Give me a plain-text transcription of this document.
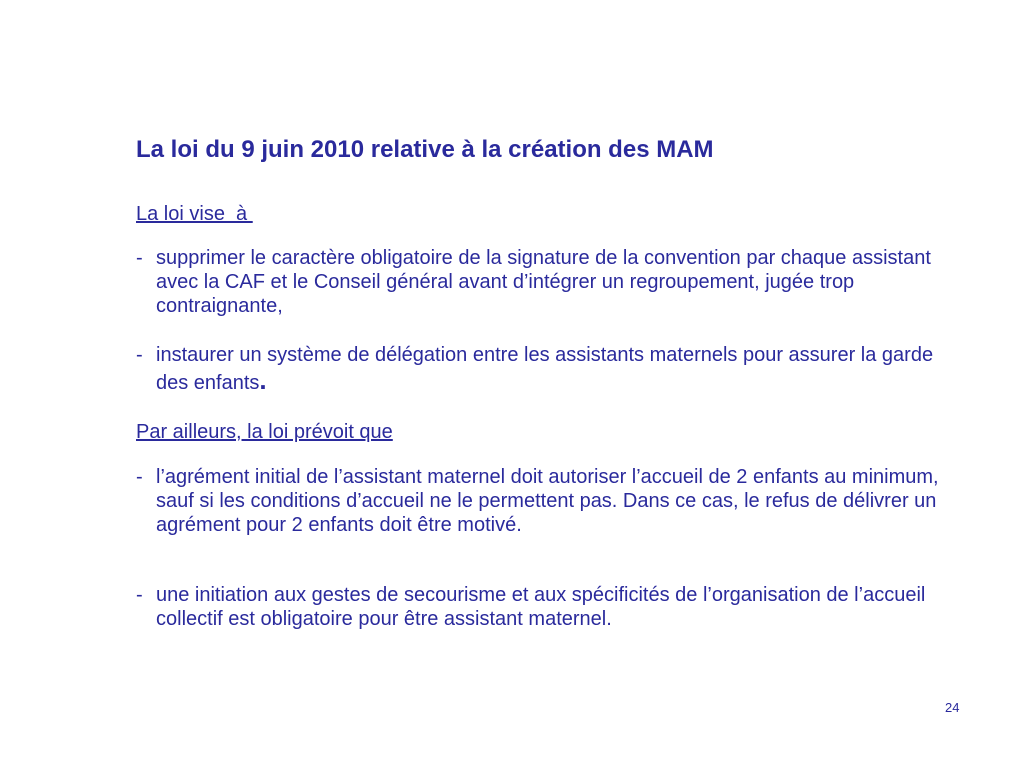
La loi du 9 juin 2010 relative à la création des MAM

La loi vise  à

- supprimer le caractère obligatoire de la signature de la convention par chaque assistant avec la CAF et le Conseil général avant d’intégrer un regroupement, jugée trop contraignante,
- instaurer un système de délégation entre les assistants maternels pour assurer la garde des enfants.

Par ailleurs, la loi prévoit que

- l’agrément initial de l’assistant maternel doit autoriser l’accueil de 2 enfants au minimum, sauf si les conditions d’accueil ne le permettent pas. Dans ce cas, le refus de délivrer un agrément pour 2 enfants doit être motivé.
- une initiation aux gestes de secourisme et aux spécificités de l’organisation de l’accueil collectif est obligatoire pour être assistant maternel.
24
